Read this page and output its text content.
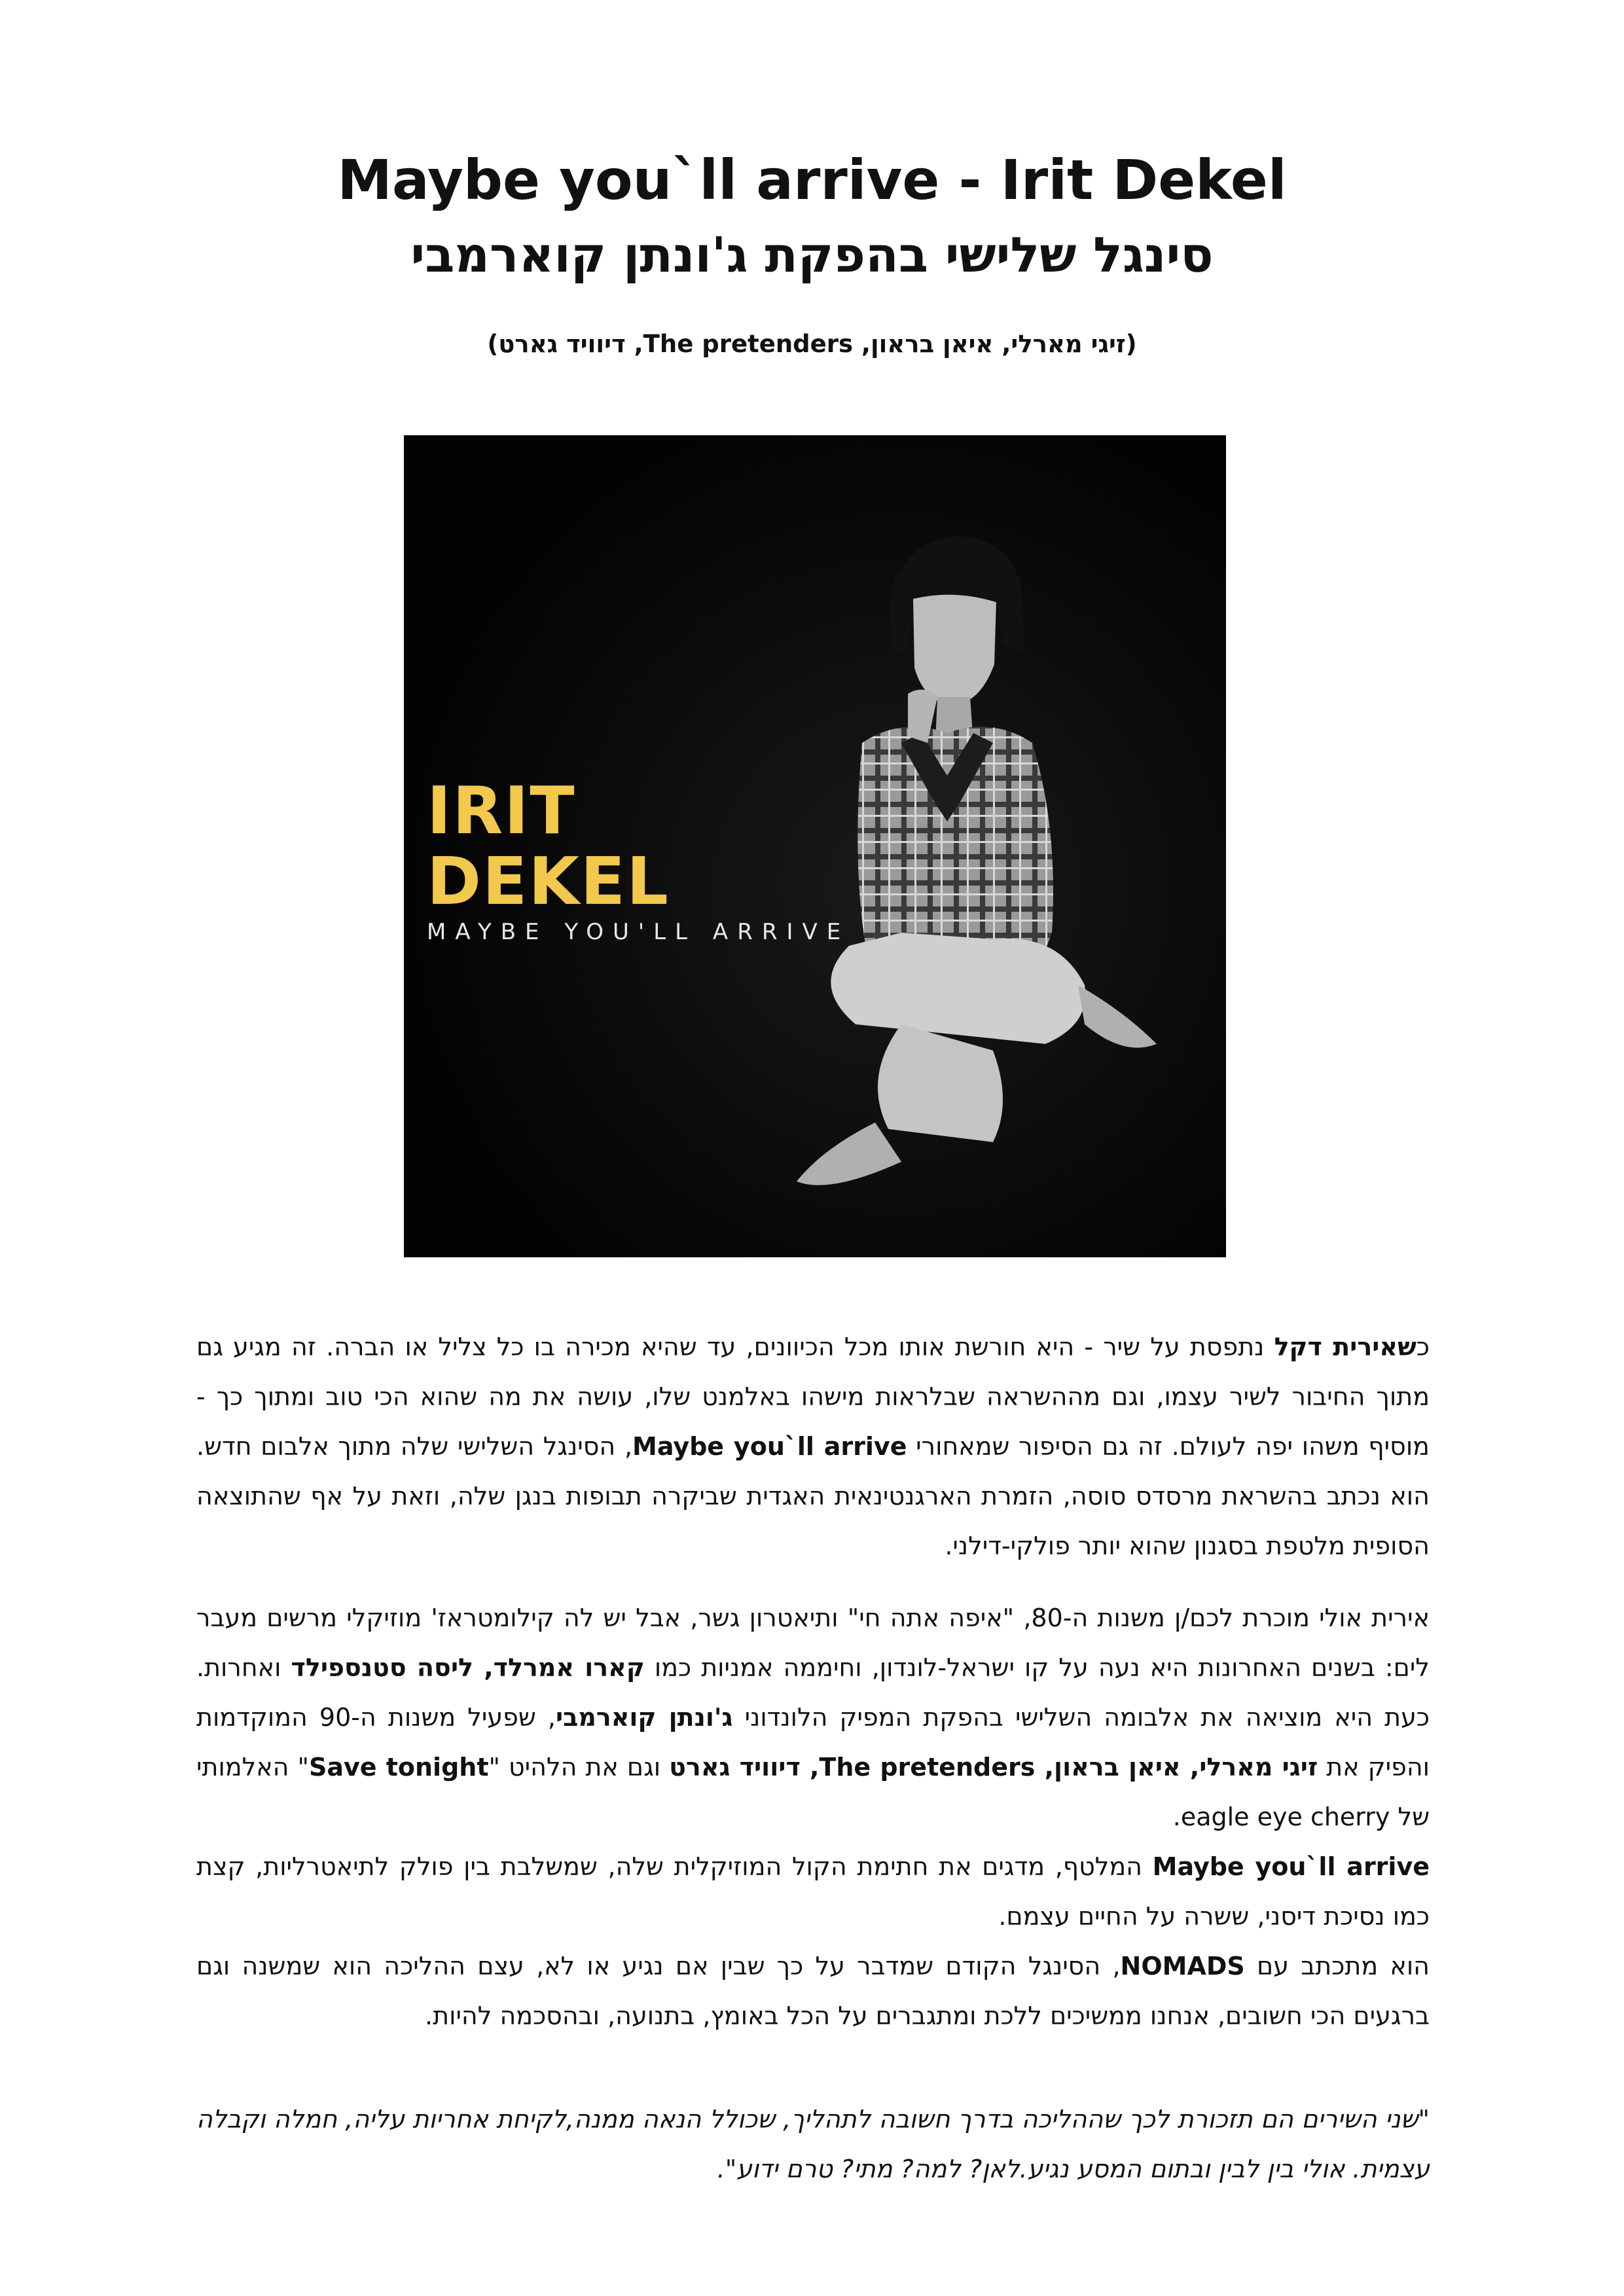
Maybe you`ll arrive - Irit Dekel
סינגל שלישי בהפקת ג'ונתן קוארמבי
(זיגי מארלי, איאן בראון, The pretenders, דיוויד גארט)
IRIT
DEKEL
MAYBE YOU'LL ARRIVE

כשאירית דקל נתפסת על שיר - היא חורשת אותו מכל הכיוונים, עד שהיא מכירה בו כל צליל או הברה. זה מגיע גם מתוך החיבור לשיר עצמו, וגם מההשראה שבלראות מישהו באלמנט שלו, עושה את מה שהוא הכי טוב ומתוך כך - מוסיף משהו יפה לעולם. זה גם הסיפור שמאחורי Maybe you`ll arrive, הסינגל השלישי שלה מתוך אלבום חדש. הוא נכתב בהשראת מרסדס סוסה, הזמרת הארגנטינאית האגדית שביקרה תבופות בנגן שלה, וזאת על אף שהתוצאה הסופית מלטפת בסגנון שהוא יותר פולקי-דילני.

אירית אולי מוכרת לכם/ן משנות ה-80, "איפה אתה חי" ותיאטרון גשר, אבל יש לה קילומטראז' מוזיקלי מרשים מעבר לים: בשנים האחרונות היא נעה על קו ישראל-לונדון, וחיממה אמניות כמו קארו אמרלד, ליסה סטנספילד ואחרות. כעת היא מוציאה את אלבומה השלישי בהפקת המפיק הלונדוני ג'ונתן קוארמבי, שפעיל משנות ה-90 המוקדמות והפיק את זיגי מארלי, איאן בראון, The pretenders, דיוויד גארט וגם את הלהיט "Save tonight" האלמותי של eagle eye cherry.
Maybe you`ll arrive המלטף, מדגים את חתימת הקול המוזיקלית שלה, שמשלבת בין פולק לתיאטרליות, קצת כמו נסיכת דיסני, ששרה על החיים עצמם.
הוא מתכתב עם NOMADS, הסינגל הקודם שמדבר על כך שבין אם נגיע או לא, עצם ההליכה הוא שמשנה וגם ברגעים הכי חשובים, אנחנו ממשיכים ללכת ומתגברים על הכל באומץ, בתנועה, ובהסכמה להיות.

"שני השירים הם תזכורת לכך שההליכה בדרך חשובה לתהליך, שכולל הנאה ממנה,לקיחת אחריות עליה, חמלה וקבלה עצמית. אולי בין לבין ובתום המסע נגיע.לאן? למה? מתי? טרם ידוע".
